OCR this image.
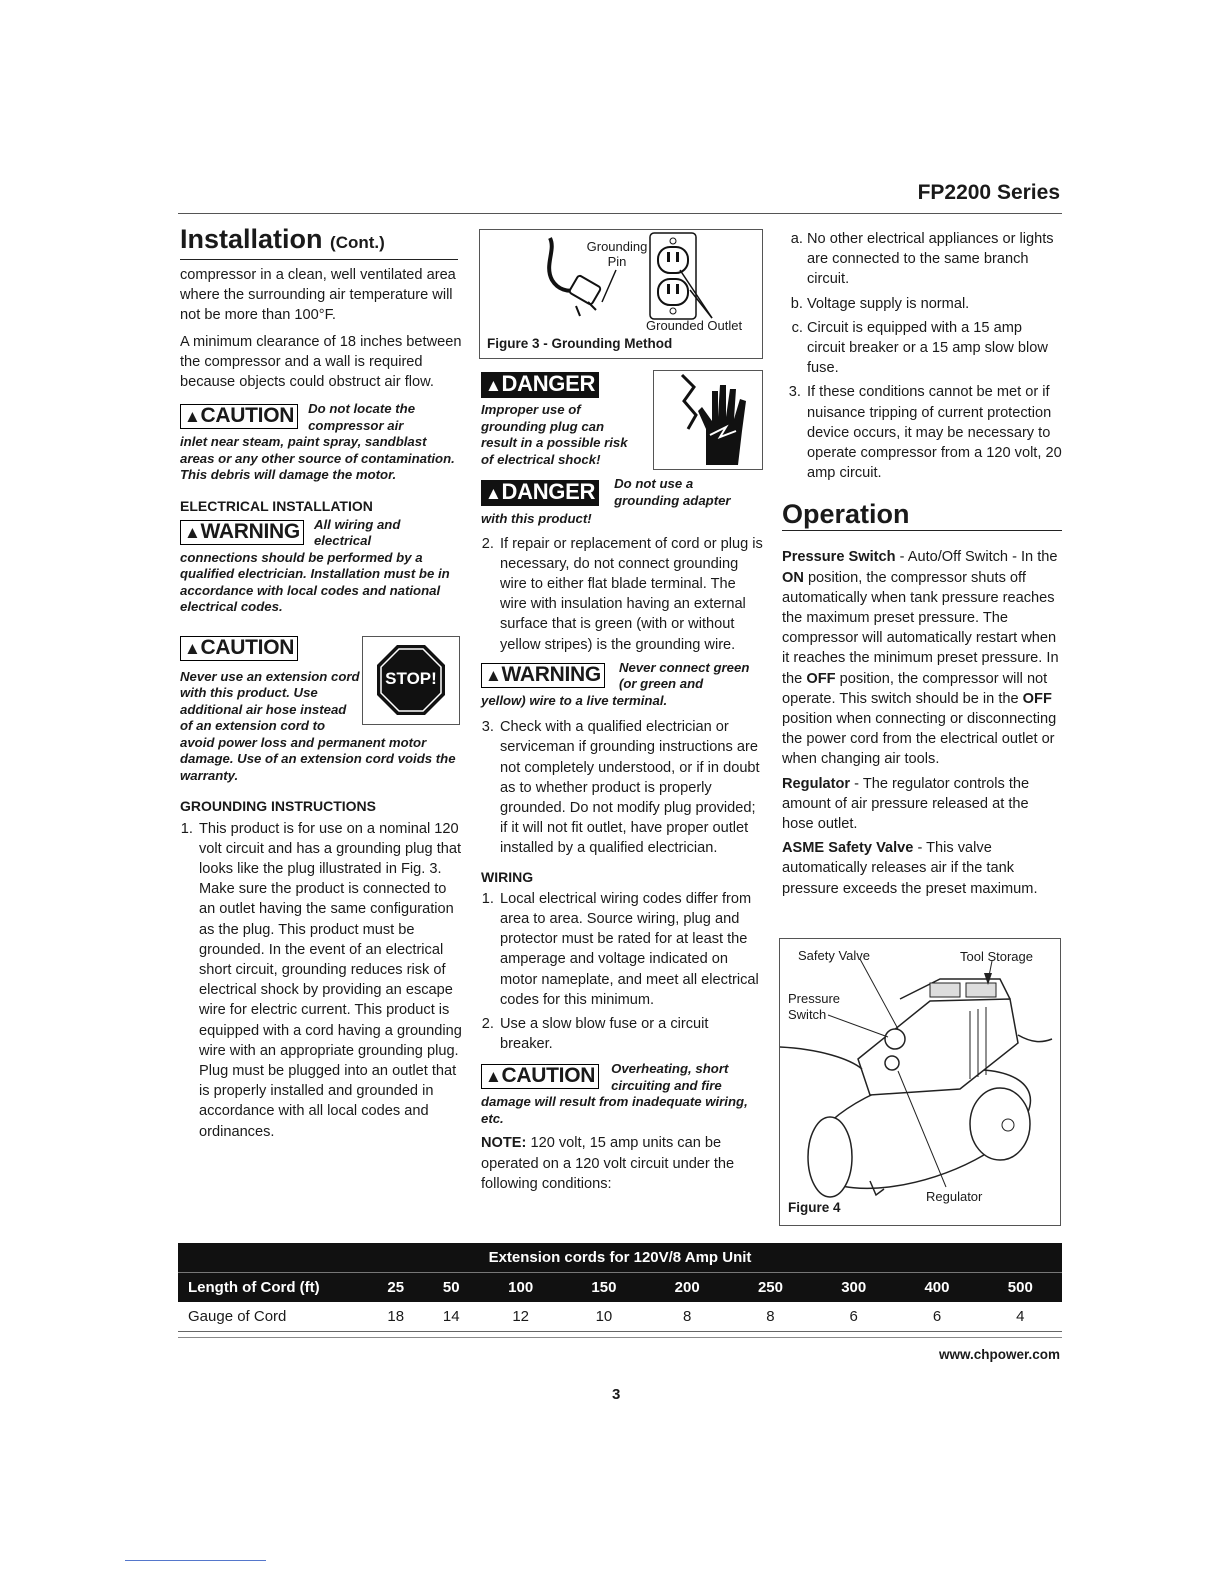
FP2200 Series
Installation (Cont.)

compressor in a clean, well ventilated area where the surrounding air temperature will not be more than 100°F.

A minimum clearance of 18 inches between the compressor and a wall is required because objects could obstruct air flow.

▲CAUTION	Do not locate the compressor air
inlet near steam, paint spray, sandblast areas or any other source of contamination. This debris will damage the motor.
ELECTRICAL INSTALLATION
▲WARNING	All wiring and electrical
connections should be performed by a qualified electrician. Installation must be in accordance with local codes and national electrical codes.
▲CAUTION
Never use an extension cord with this product. Use additional air hose instead of an extension cord to
STOP!
avoid power loss and permanent motor damage. Use of an extension cord voids the warranty.
GROUNDING INSTRUCTIONS
1. This product is for use on a nominal 120 volt circuit and has a grounding plug that looks like the plug illustrated in Fig. 3. Make sure the product is connected to an outlet having the same configuration as the plug. This product must be grounded. In the event of an electrical short circuit, grounding reduces risk of electrical shock by providing an escape wire for electric current. This product is equipped with a cord having a grounding wire with an appropriate grounding plug. Plug must be plugged into an outlet that is properly installed and grounded in accordance with all local codes and ordinances.
Grounding
Pin
Grounded Outlet
Figure 3 - Grounding Method
▲DANGER
Improper use of grounding plug can result in a possible risk of electrical shock!
▲DANGER	Do not use a grounding adapter
with this product!
2. If repair or replacement of cord or plug is necessary, do not connect grounding wire to either flat blade terminal. The wire with insulation having an external surface that is green (with or without yellow stripes) is the grounding wire.
▲WARNING	Never connect green (or green and
yellow) wire to a live terminal.
3. Check with a qualified electrician or serviceman if grounding instructions are not completely understood, or if in doubt as to whether product is properly grounded. Do not modify plug provided; if it will not fit outlet, have proper outlet installed by a qualified electrician.
WIRING
1. Local electrical wiring codes differ from area to area. Source wiring, plug and protector must be rated for at least the amperage and voltage indicated on motor nameplate, and meet all electrical codes for this minimum.
2. Use a slow blow fuse or a circuit breaker.
▲CAUTION	Overheating, short circuiting and fire
damage will result from inadequate wiring, etc.

NOTE: 120 volt, 15 amp units can be operated on a 120 volt circuit under the following conditions:

a. No other electrical appliances or lights are connected to the same branch circuit.
b. Voltage supply is normal.
c. Circuit is equipped with a 15 amp circuit breaker or a 15 amp slow blow fuse.
3. If these conditions cannot be met or if nuisance tripping of current protection device occurs, it may be necessary to operate compressor from a 120 volt, 20 amp circuit.
Operation

Pressure Switch - Auto/Off Switch - In the ON position, the compressor shuts off automatically when tank pressure reaches the maximum preset pressure. The compressor will automatically restart when it reaches the minimum preset pressure. In the OFF position, the compressor will not operate. This switch should be in the OFF position when connecting or disconnecting the power cord from the electrical outlet or when changing air tools.

Regulator - The regulator controls the amount of air pressure released at the hose outlet.

ASME Safety Valve - This valve automatically releases air if the tank pressure exceeds the preset maximum.

Safety Valve	Tool Storage
Pressure
Switch
Regulator
Figure 4
Extension cords for 120V/8 Amp Unit									
Length of Cord (ft)	25	50	100	150	200	250	300	400	500
Gauge of Cord	18	14	12	10	8	8	6	6	4
www.chpower.com
3
